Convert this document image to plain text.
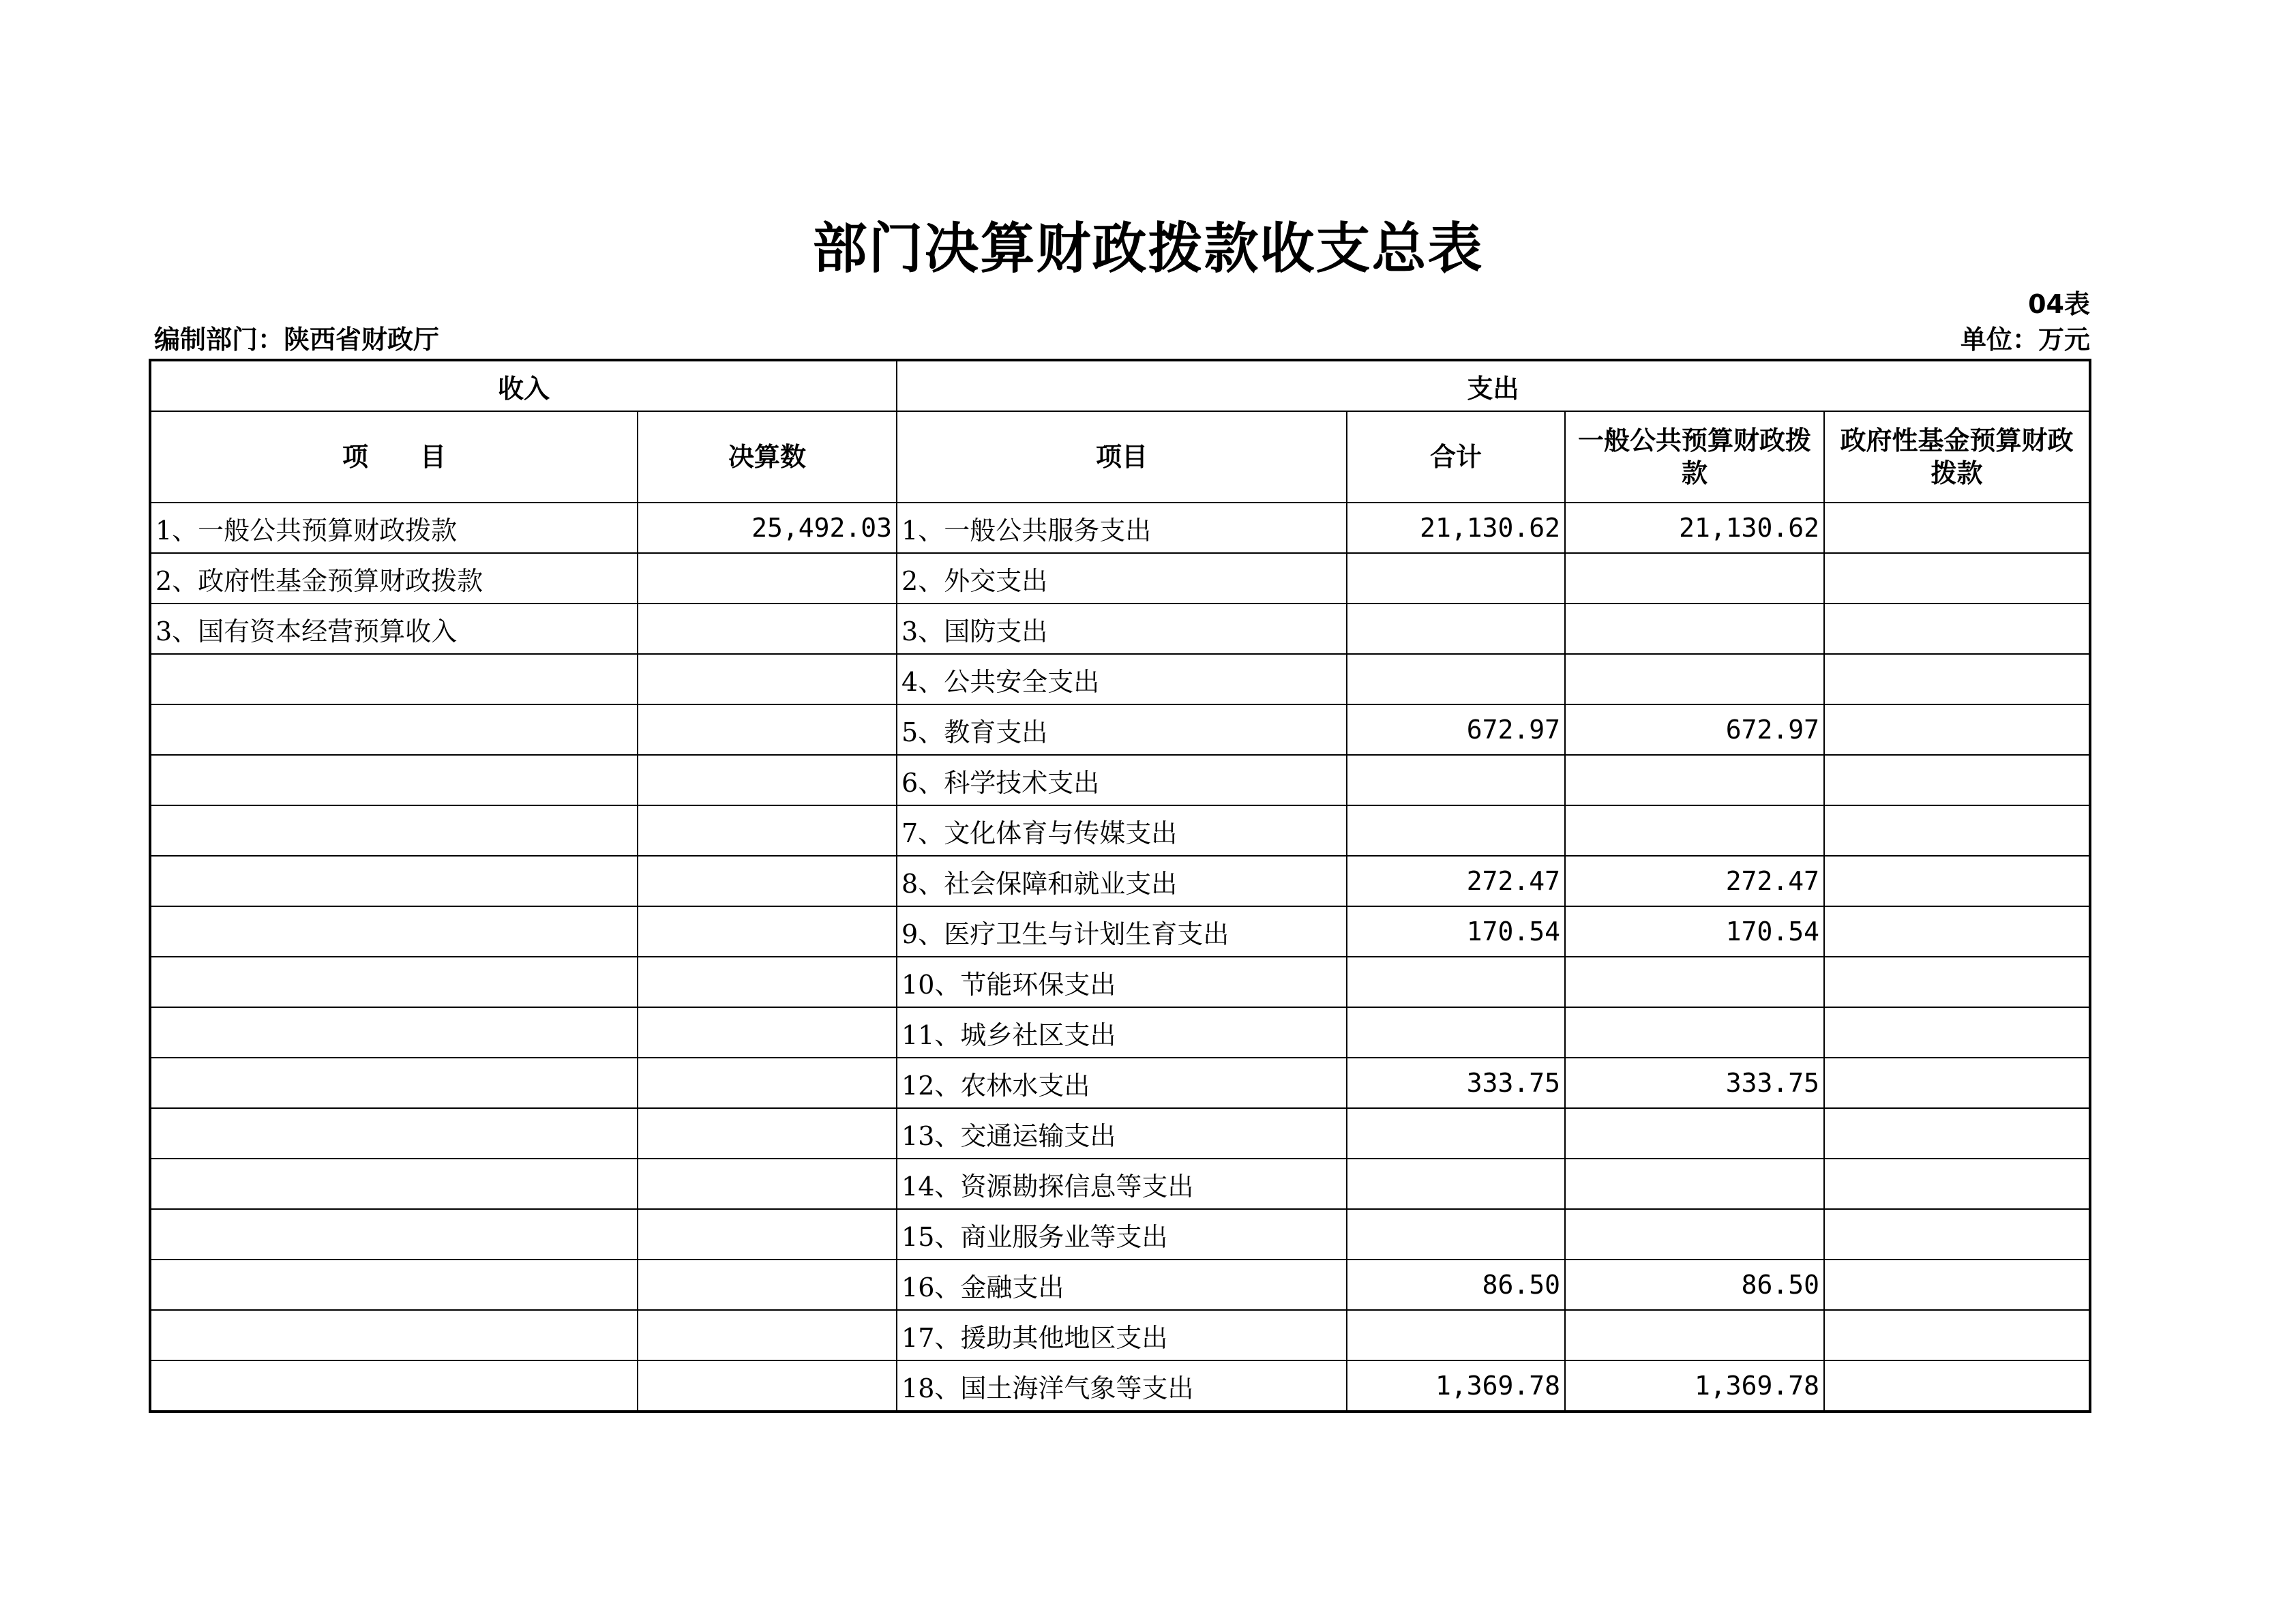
部门决算财政拨款收支总表
04表
编制部门：陕西省财政厅	单位：万元
收入		支出			
项　　目	决算数	项目	合计	一般公共预算财政拨款	政府性基金预算财政拨款
1、一般公共预算财政拨款	25,492.03	1、一般公共服务支出	21,130.62	21,130.62	
2、政府性基金预算财政拨款		2、外交支出			
3、国有资本经营预算收入		3、国防支出			
		4、公共安全支出			
		5、教育支出	672.97	672.97	
		6、科学技术支出			
		7、文化体育与传媒支出			
		8、社会保障和就业支出	272.47	272.47	
		9、医疗卫生与计划生育支出	170.54	170.54	
		10、节能环保支出			
		11、城乡社区支出			
		12、农林水支出	333.75	333.75	
		13、交通运输支出			
		14、资源勘探信息等支出			
		15、商业服务业等支出			
		16、金融支出	86.50	86.50	
		17、援助其他地区支出			
		18、国土海洋气象等支出	1,369.78	1,369.78	
